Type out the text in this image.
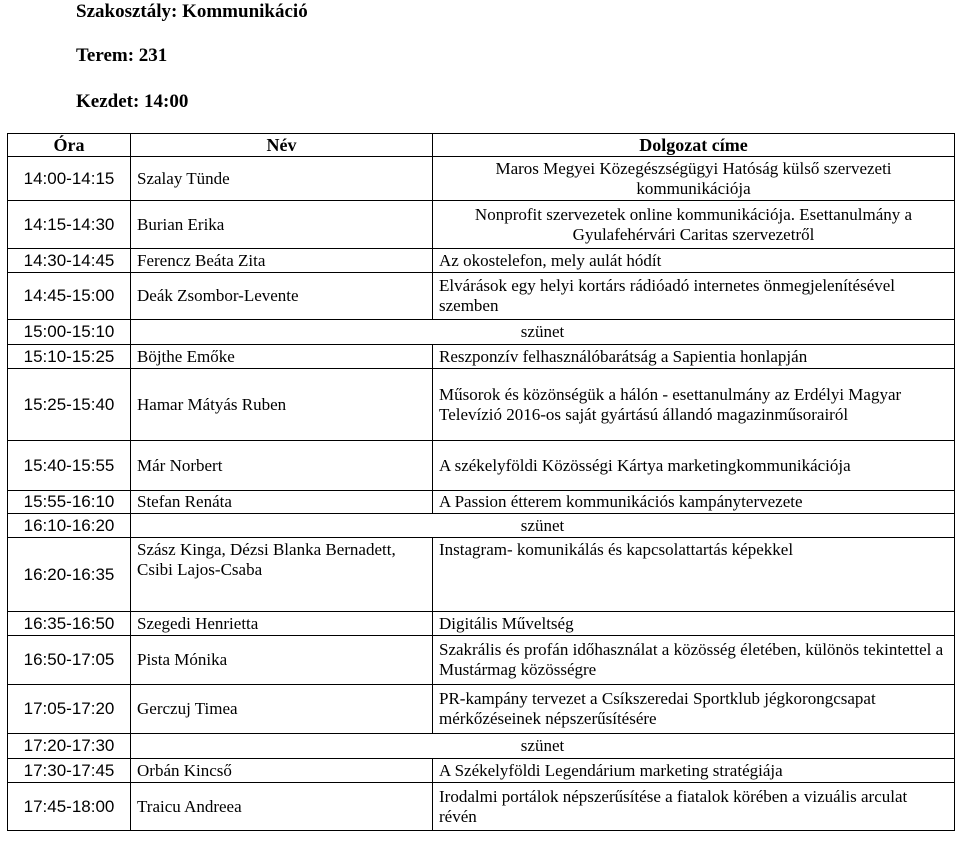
Szakosztály: Kommunikáció
Terem: 231
Kezdet: 14:00
Óra	Név	Dolgozat címe
14:00-14:15	Szalay Tünde	Maros Megyei Közegészségügyi Hatóság külső szervezeti kommunikációja
14:15-14:30	Burian Erika	Nonprofit szervezetek online kommunikációja. Esettanulmány a Gyulafehérvári Caritas szervezetről
14:30-14:45	Ferencz Beáta Zita	Az okostelefon, mely aulát hódít
14:45-15:00	Deák Zsombor-Levente	Elvárások egy helyi kortárs rádióadó internetes önmegjelenítésével szemben
15:00-15:10	szünet	
15:10-15:25	Böjthe Emőke	Reszponzív felhasználóbarátság a Sapientia honlapján
15:25-15:40	Hamar Mátyás Ruben	Műsorok és közönségük a hálón - esettanulmány az Erdélyi Magyar Televízió 2016-os saját gyártású állandó magazinműsorairól
15:40-15:55	Már Norbert	A székelyföldi Közösségi Kártya marketingkommunikációja
15:55-16:10	Stefan Renáta	A Passion étterem kommunikációs kampánytervezete
16:10-16:20	szünet	
16:20-16:35	Szász Kinga, Dézsi Blanka Bernadett, Csibi Lajos-Csaba	Instagram- komunikálás és kapcsolattartás képekkel
16:35-16:50	Szegedi Henrietta	Digitális Műveltség
16:50-17:05	Pista Mónika	Szakrális és profán időhasználat a közösség életében, különös tekintettel a Mustármag közösségre
17:05-17:20	Gerczuj Timea	PR-kampány tervezet a Csíkszeredai Sportklub jégkorongcsapat mérkőzéseinek népszerűsítésére
17:20-17:30	szünet	
17:30-17:45	Orbán Kincső	A Székelyföldi Legendárium marketing stratégiája
17:45-18:00	Traicu Andreea	Irodalmi portálok népszerűsítése a fiatalok körében a vizuális arculat révén
